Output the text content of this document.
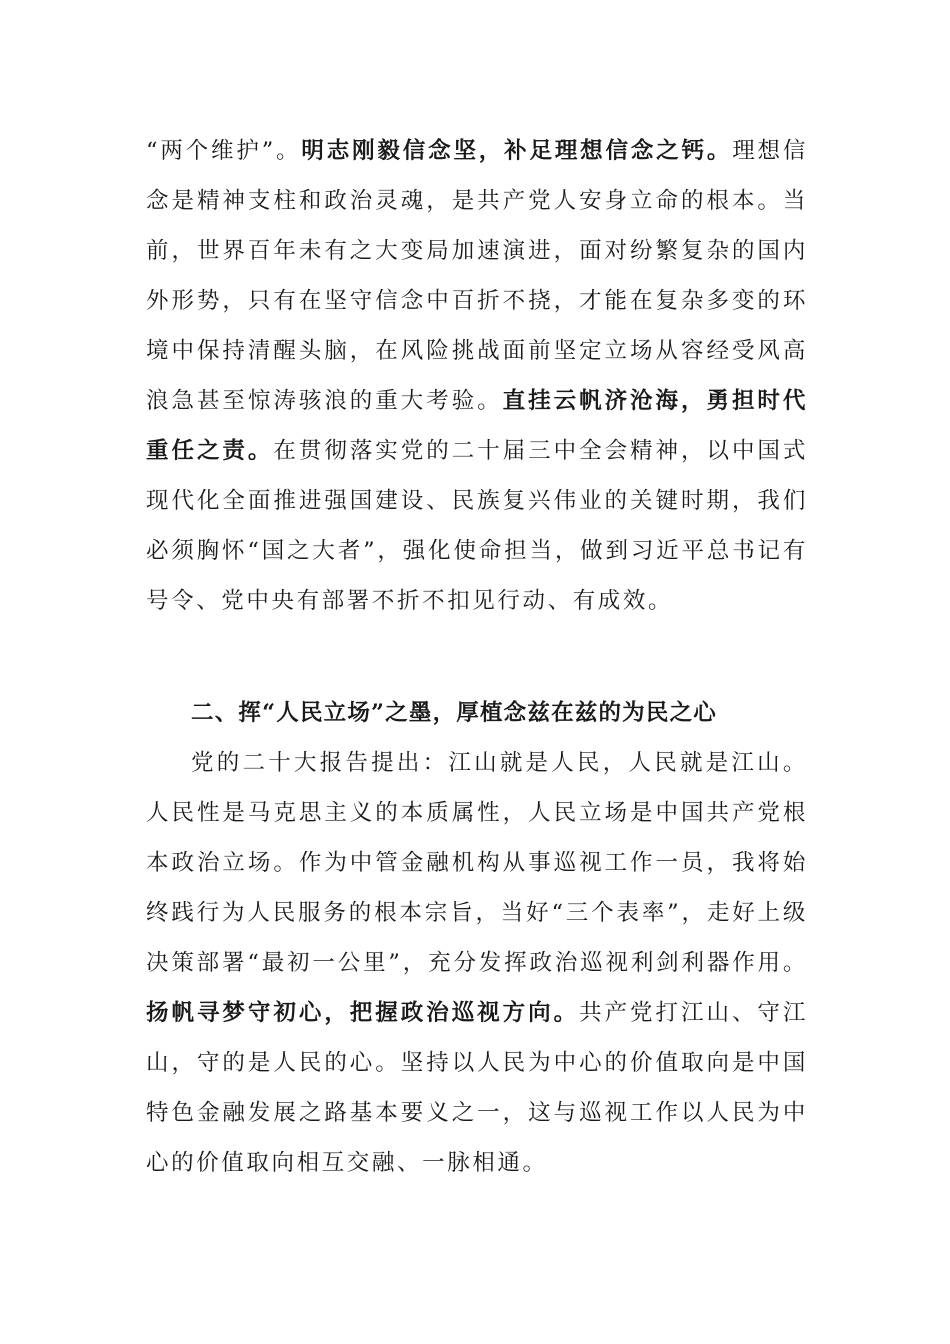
“两个维护”。明志刚毅信念坚，补足理想信念之钙。理想信念是精神支柱和政治灵魂，是共产党人安身立命的根本。当前，世界百年未有之大变局加速演进，面对纷繁复杂的国内外形势，只有在坚守信念中百折不挠，才能在复杂多变的环境中保持清醒头脑，在风险挑战面前坚定立场从容经受风高浪急甚至惊涛骇浪的重大考验。直挂云帆济沧海，勇担时代重任之责。在贯彻落实党的二十届三中全会精神，以中国式现代化全面推进强国建设、民族复兴伟业的关键时期，我们必须胸怀“国之大者”，强化使命担当，做到习近平总书记有号令、党中央有部署不折不扣见行动、有成效。
二、挥“人民立场”之墨，厚植念兹在兹的为民之心
党的二十大报告提出：江山就是人民，人民就是江山。人民性是马克思主义的本质属性，人民立场是中国共产党根本政治立场。作为中管金融机构从事巡视工作一员，我将始终践行为人民服务的根本宗旨，当好“三个表率”，走好上级决策部署“最初一公里”，充分发挥政治巡视利剑利器作用。扬帆寻梦守初心，把握政治巡视方向。共产党打江山、守江山，守的是人民的心。坚持以人民为中心的价值取向是中国特色金融发展之路基本要义之一，这与巡视工作以人民为中心的价值取向相互交融、一脉相通。
